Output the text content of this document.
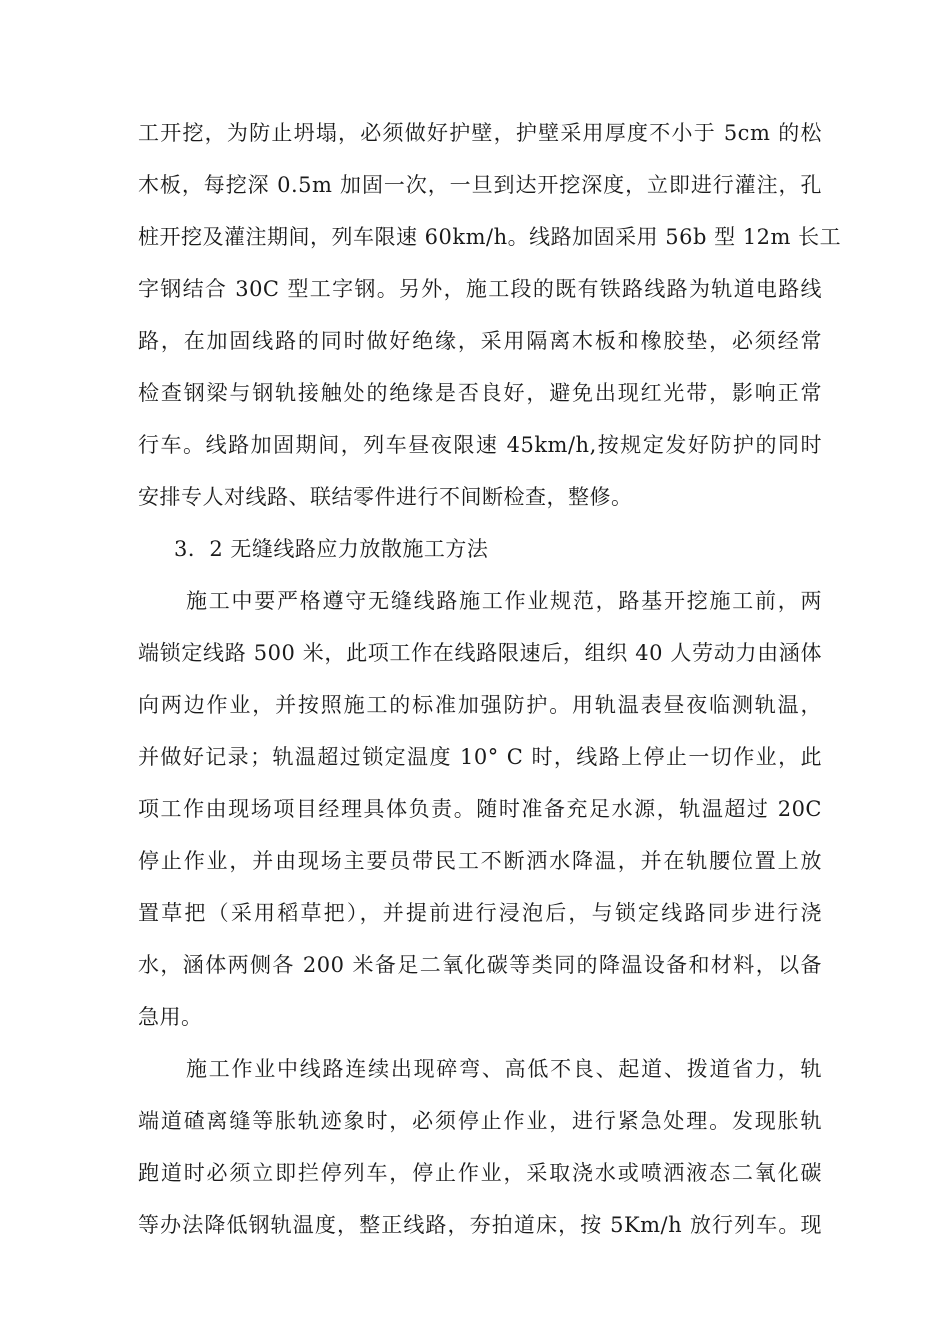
工开挖，为防止坍塌，必须做好护壁，护壁采用厚度不小于 5cm 的松
木板，每挖深 0.5m 加固一次，一旦到达开挖深度，立即进行灌注，孔
桩开挖及灌注期间，列车限速 60km/h。线路加固采用 56b 型 12m 长工
字钢结合 30C 型工字钢。另外，施工段的既有铁路线路为轨道电路线
路，在加固线路的同时做好绝缘，采用隔离木板和橡胶垫，必须经常
检查钢梁与钢轨接触处的绝缘是否良好，避免出现红光带，影响正常
行车。线路加固期间，列车昼夜限速 45km/h,按规定发好防护的同时
安排专人对线路、联结零件进行不间断检查，整修。
3．2 无缝线路应力放散施工方法
施工中要严格遵守无缝线路施工作业规范，路基开挖施工前，两
端锁定线路 500 米，此项工作在线路限速后，组织 40 人劳动力由涵体
向两边作业，并按照施工的标准加强防护。用轨温表昼夜临测轨温，
并做好记录；轨温超过锁定温度 10° C 时，线路上停止一切作业，此
项工作由现场项目经理具体负责。随时准备充足水源，轨温超过 20C
停止作业，并由现场主要员带民工不断洒水降温，并在轨腰位置上放
置草把（采用稻草把），并提前进行浸泡后，与锁定线路同步进行浇
水，涵体两侧各 200 米备足二氧化碳等类同的降温设备和材料，以备
急用。
施工作业中线路连续出现碎弯、高低不良、起道、拨道省力，轨
端道碴离缝等胀轨迹象时，必须停止作业，进行紧急处理。发现胀轨
跑道时必须立即拦停列车，停止作业，采取浇水或喷洒液态二氧化碳
等办法降低钢轨温度，整正线路，夯拍道床，按 5Km/h 放行列车。现
